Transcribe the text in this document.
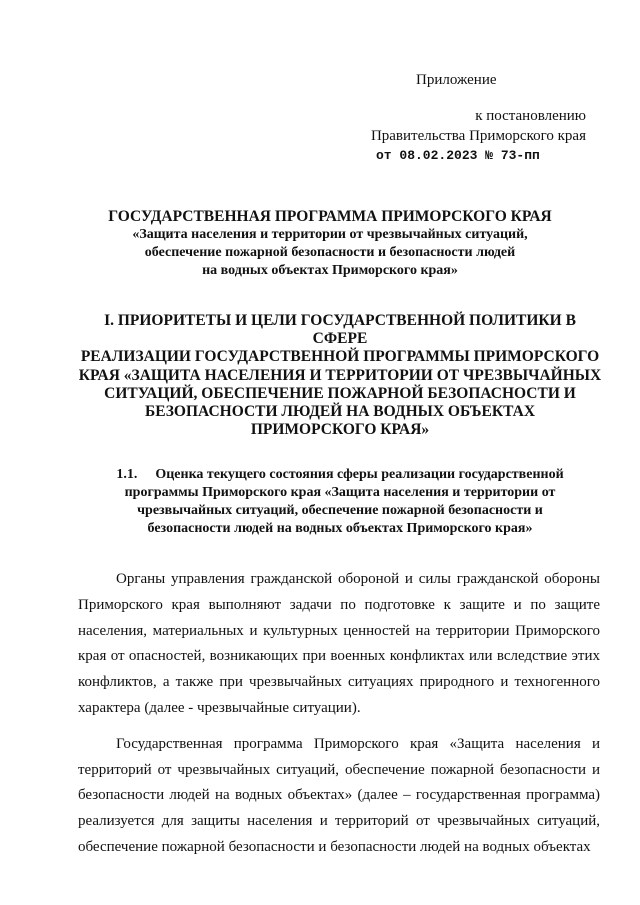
Приложение
к постановлению
Правительства Приморского края
от 08.02.2023 № 73-пп
ГОСУДАРСТВЕННАЯ ПРОГРАММА ПРИМОРСКОГО КРАЯ
«Защита населения и территории от чрезвычайных ситуаций,
обеспечение пожарной безопасности и безопасности людей
на водных объектах Приморского края»
I. ПРИОРИТЕТЫ И ЦЕЛИ ГОСУДАРСТВЕННОЙ ПОЛИТИКИ В СФЕРЕ
РЕАЛИЗАЦИИ ГОСУДАРСТВЕННОЙ ПРОГРАММЫ ПРИМОРСКОГО
КРАЯ «ЗАЩИТА НАСЕЛЕНИЯ И ТЕРРИТОРИИ ОТ ЧРЕЗВЫЧАЙНЫХ
СИТУАЦИЙ, ОБЕСПЕЧЕНИЕ ПОЖАРНОЙ БЕЗОПАСНОСТИ И
БЕЗОПАСНОСТИ ЛЮДЕЙ НА ВОДНЫХ ОБЪЕКТАХ
ПРИМОРСКОГО КРАЯ»
1.1. Оценка текущего состояния сферы реализации государственной
программы Приморского края «Защита населения и территории от
чрезвычайных ситуаций, обеспечение пожарной безопасности и
безопасности людей на водных объектах Приморского края»

Органы управления гражданской обороной и силы гражданской обороны Приморского края выполняют задачи по подготовке к защите и по защите населения, материальных и культурных ценностей на территории Приморского края от опасностей, возникающих при военных конфликтах или вследствие этих конфликтов, а также при чрезвычайных ситуациях природного и техногенного характера (далее - чрезвычайные ситуации).

Государственная программа Приморского края «Защита населения и территорий от чрезвычайных ситуаций, обеспечение пожарной безопасности и безопасности людей на водных объектах» (далее – государственная программа) реализуется для защиты населения и территорий от чрезвычайных ситуаций, обеспечение пожарной безопасности и безопасности людей на водных объектах
